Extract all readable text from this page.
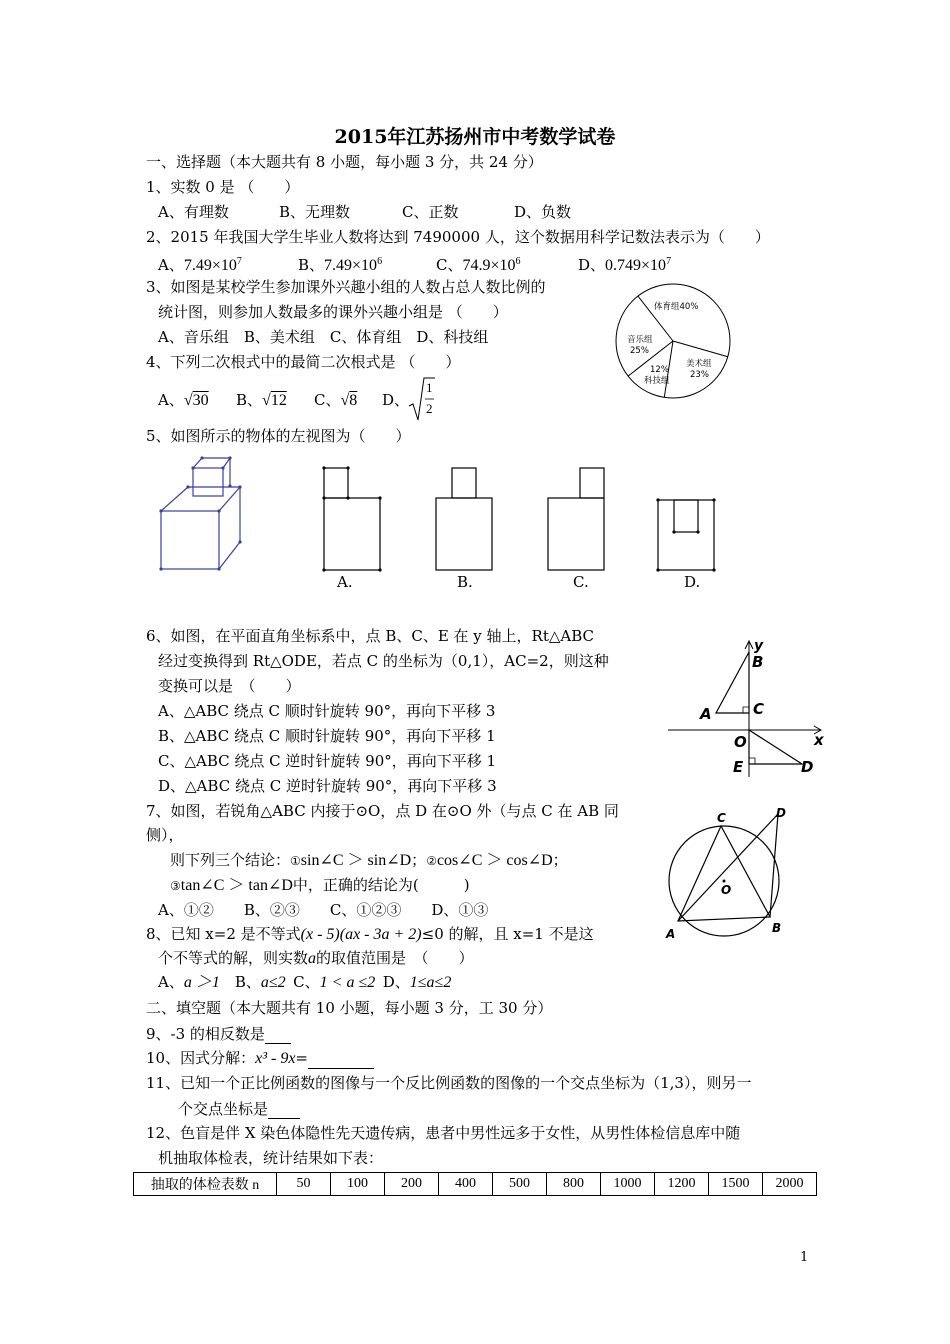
2015年江苏扬州市中考数学试卷
一、选择题（本大题共有 8 小题，每小题 3 分，共 24 分）
1、实数 0 是 （　　）
A、有理数	B、无理数	C、正数	D、负数
2、2015 年我国大学生毕业人数将达到 7490000 人，这个数据用科学记数法表示为（　　）
A、$7.49\times 10^7$	B、$7.49\times 10^6$	C、$74.9\times 10^6$	D、$0.749\times 10^7$
3、如图是某校学生参加课外兴趣小组的人数占总人数比例的
统计图，则参加人数最多的课外兴趣小组是 （　　）
A、音乐组　B、美术组　C、体育组　D、科技组
体育组40%
音乐组
25%
美术组
23%
12%
科技组
4、下列二次根式中的最简二次根式是 （　　）
A、√30 B、√12 C、√8 D、
1
2
5、如图所示的物体的左视图为（　　）
A.	B.	C.	D.
6、如图，在平面直角坐标系中，点 B、C、E 在 y 轴上，Rt△ABC
经过变换得到 Rt△ODE，若点 C 的坐标为（0,1），AC=2，则这种
变换可以是　（　　）
A、△ABC 绕点 C 顺时针旋转 90°，再向下平移 3
B、△ABC 绕点 C 顺时针旋转 90°，再向下平移 1
C、△ABC 绕点 C 逆时针旋转 90°，再向下平移 1
D、△ABC 绕点 C 逆时针旋转 90°，再向下平移 3
y
B
A	C
O	x
E	D
7、如图，若锐角△ABC 内接于⊙O，点 D 在⊙O 外（与点 C 在 AB 同
侧），
则下列三个结论：①sin∠C ＞ sin∠D；②cos∠C ＞ cos∠D；
③tan∠C ＞ tan∠D中，正确的结论为(　　　)
A、①②　　B、②③　　C、①②③　　D、①③
C	D
O
A	B
8、已知 x=2 是不等式(x - 5)(ax - 3a + 2)≤0 的解，且 x=1 不是这
个不等式的解，则实数a的取值范围是　（　　）
A、a ＞1  B、a≤2  C、1 < a ≤2  D、1≤a≤2
二、填空题（本大题共有 10 小题，每小题 3 分，工 30 分）
9、-3 的相反数是
10、因式分解：x³ - 9x=
11、已知一个正比例函数的图像与一个反比例函数的图像的一个交点坐标为（1,3），则另一
个交点坐标是
12、色盲是伴 X 染色体隐性先天遗传病，患者中男性远多于女性，从男性体检信息库中随
机抽取体检表，统计结果如下表：
抽取的体检表数 n	50	100	200	400	500	800	1000	1200	1500	2000
1
